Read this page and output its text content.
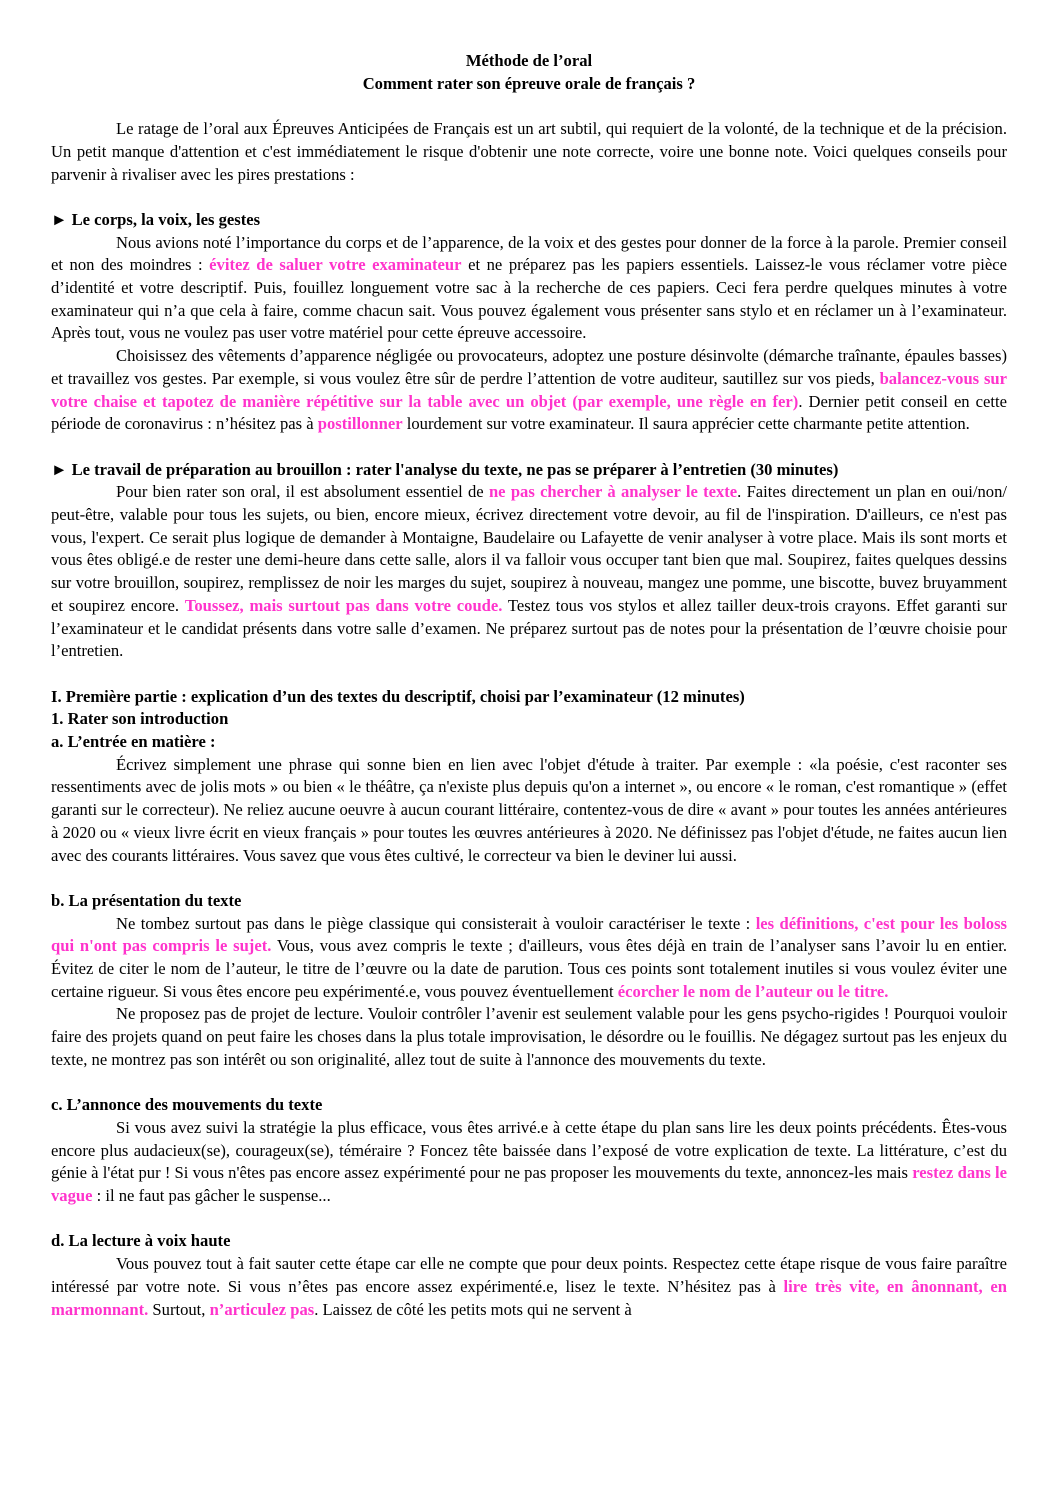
Méthode de l’oral
Comment rater son épreuve orale de français ?

Le ratage de l’oral aux Épreuves Anticipées de Français est un art subtil, qui requiert de la volonté, de la technique et de la précision. Un petit manque d'attention et c'est immédiatement le risque d'obtenir une note correcte, voire une bonne note. Voici quelques conseils pour parvenir à rivaliser avec les pires prestations :

► Le corps, la voix, les gestes

Nous avions noté l’importance du corps et de l’apparence, de la voix et des gestes pour donner de la force à la parole. Premier conseil et non des moindres : évitez de saluer votre examinateur et ne préparez pas les papiers essentiels. Laissez-le vous réclamer votre pièce d’identité et votre descriptif. Puis, fouillez longuement votre sac à la recherche de ces papiers. Ceci fera perdre quelques minutes à votre examinateur qui n’a que cela à faire, comme chacun sait. Vous pouvez également vous présenter sans stylo et en réclamer un à l’examinateur. Après tout, vous ne voulez pas user votre matériel pour cette épreuve accessoire.

Choisissez des vêtements d’apparence négligée ou provocateurs, adoptez une posture désinvolte (démarche traînante, épaules basses) et travaillez vos gestes. Par exemple, si vous voulez être sûr de perdre l’attention de votre auditeur, sautillez sur vos pieds, balancez-vous sur votre chaise et tapotez de manière répétitive sur la table avec un objet (par exemple, une règle en fer). Dernier petit conseil en cette période de coronavirus : n’hésitez pas à postillonner lourdement sur votre examinateur. Il saura apprécier cette charmante petite attention.

► Le travail de préparation au brouillon : rater l'analyse du texte, ne pas se préparer à l’entretien (30 minutes)

Pour bien rater son oral, il est absolument essentiel de ne pas chercher à analyser le texte. Faites directement un plan en oui/non/ peut-être, valable pour tous les sujets, ou bien, encore mieux, écrivez directement votre devoir, au fil de l'inspiration. D'ailleurs, ce n'est pas vous, l'expert. Ce serait plus logique de demander à Montaigne, Baudelaire ou Lafayette de venir analyser à votre place. Mais ils sont morts et vous êtes obligé.e de rester une demi-heure dans cette salle, alors il va falloir vous occuper tant bien que mal. Soupirez, faites quelques dessins sur votre brouillon, soupirez, remplissez de noir les marges du sujet, soupirez à nouveau, mangez une pomme, une biscotte, buvez bruyamment et soupirez encore. Toussez, mais surtout pas dans votre coude. Testez tous vos stylos et allez tailler deux-trois crayons. Effet garanti sur l’examinateur et le candidat présents dans votre salle d’examen. Ne préparez surtout pas de notes pour la présentation de l’œuvre choisie pour l’entretien.

I. Première partie : explication d’un des textes du descriptif, choisi par l’examinateur (12 minutes)
1. Rater son introduction
a. L’entrée en matière :

Écrivez simplement une phrase qui sonne bien en lien avec l'objet d'étude à traiter. Par exemple : «la poésie, c'est raconter ses ressentiments avec de jolis mots » ou bien « le théâtre, ça n'existe plus depuis qu'on a internet », ou encore « le roman, c'est romantique » (effet garanti sur le correcteur). Ne reliez aucune oeuvre à aucun courant littéraire, contentez-vous de dire « avant » pour toutes les années antérieures à 2020 ou « vieux livre écrit en vieux français » pour toutes les œuvres antérieures à 2020. Ne définissez pas l'objet d'étude, ne faites aucun lien avec des courants littéraires. Vous savez que vous êtes cultivé, le correcteur va bien le deviner lui aussi.

b. La présentation du texte

Ne tombez surtout pas dans le piège classique qui consisterait à vouloir caractériser le texte : les définitions, c'est pour les boloss qui n'ont pas compris le sujet. Vous, vous avez compris le texte ; d'ailleurs, vous êtes déjà en train de l’analyser sans l’avoir lu en entier. Évitez de citer le nom de l’auteur, le titre de l’œuvre ou la date de parution. Tous ces points sont totalement inutiles si vous voulez éviter une certaine rigueur. Si vous êtes encore peu expérimenté.e, vous pouvez éventuellement écorcher le nom de l’auteur ou le titre.

Ne proposez pas de projet de lecture. Vouloir contrôler l’avenir est seulement valable pour les gens psycho-rigides ! Pourquoi vouloir faire des projets quand on peut faire les choses dans la plus totale improvisation, le désordre ou le fouillis. Ne dégagez surtout pas les enjeux du texte, ne montrez pas son intérêt ou son originalité, allez tout de suite à l'annonce des mouvements du texte.

c. L’annonce des mouvements du texte

Si vous avez suivi la stratégie la plus efficace, vous êtes arrivé.e à cette étape du plan sans lire les deux points précédents. Êtes-vous encore plus audacieux(se), courageux(se), téméraire ? Foncez tête baissée dans l’exposé de votre explication de texte. La littérature, c’est du génie à l'état pur ! Si vous n'êtes pas encore assez expérimenté pour ne pas proposer les mouvements du texte, annoncez-les mais restez dans le vague : il ne faut pas gâcher le suspense...

d. La lecture à voix haute

Vous pouvez tout à fait sauter cette étape car elle ne compte que pour deux points. Respectez cette étape risque de vous faire paraître intéressé par votre note. Si vous n’êtes pas encore assez expérimenté.e, lisez le texte. N’hésitez pas à lire très vite, en ânonnant, en marmonnant. Surtout, n’articulez pas. Laissez de côté les petits mots qui ne servent à
